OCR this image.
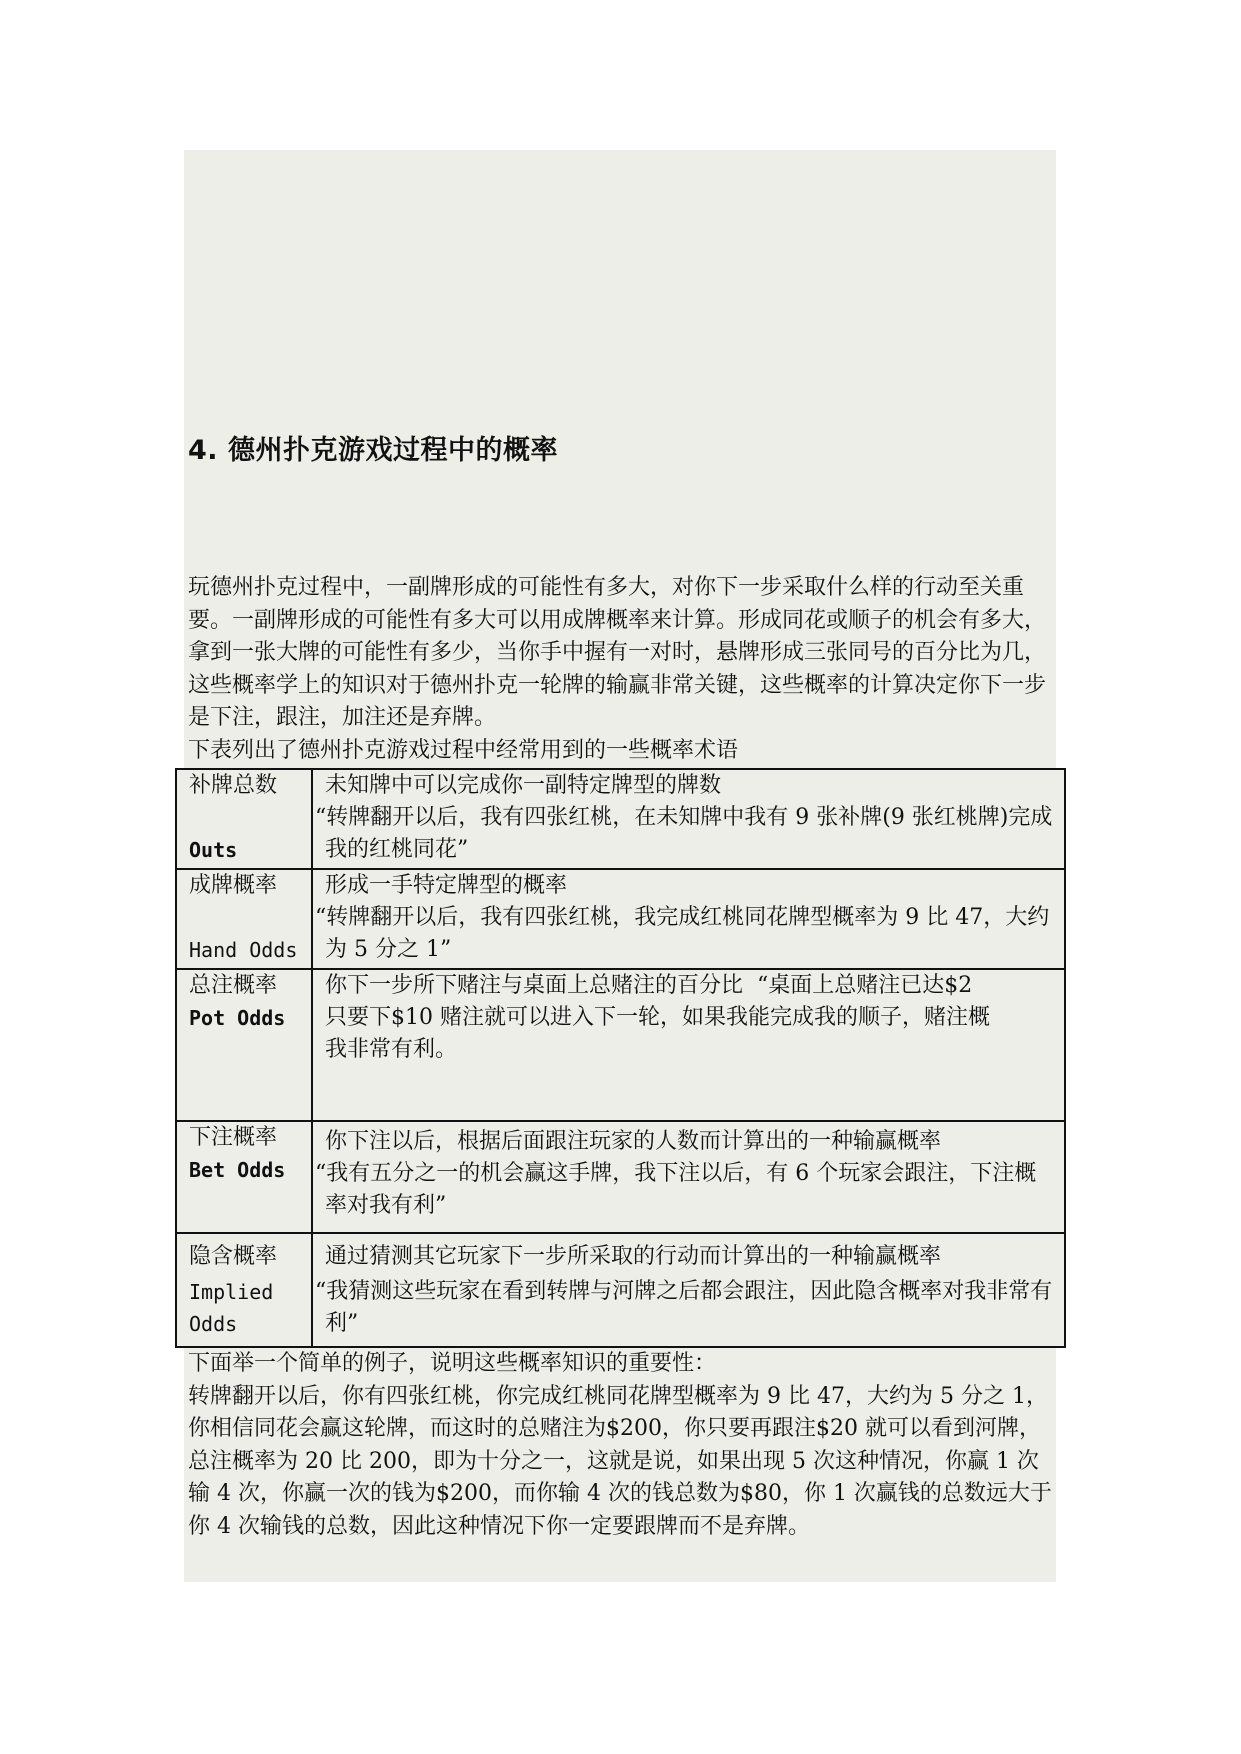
4. 德州扑克游戏过程中的概率

玩德州扑克过程中，一副牌形成的可能性有多大，对你下一步采取什么样的行动至关重要。一副牌形成的可能性有多大可以用成牌概率来计算。形成同花或顺子的机会有多大，拿到一张大牌的可能性有多少，当你手中握有一对时，悬牌形成三张同号的百分比为几，这些概率学上的知识对于德州扑克一轮牌的输赢非常关键，这些概率的计算决定你下一步是下注，跟注，加注还是弃牌。

下表列出了德州扑克游戏过程中经常用到的一些概率术语

补牌总数

Outs	未知牌中可以完成你一副特定牌型的牌数
“转牌翻开以后，我有四张红桃，在未知牌中我有 9 张补牌(9 张红桃牌)完成我的红桃同花”

成牌概率

Hand Odds	形成一手特定牌型的概率
“转牌翻开以后，我有四张红桃，我完成红桃同花牌型概率为 9 比 47，大约为 5 分之 1”

总注概率
Pot Odds	你下一步所下赌注与桌面上总赌注的百分比 “桌面上总赌注已达$2
只要下$10 赌注就可以进入下一轮，如果我能完成我的顺子，赌注概
我非常有利。

下注概率
Bet Odds	你下注以后，根据后面跟注玩家的人数而计算出的一种输赢概率
“我有五分之一的机会赢这手牌，我下注以后，有 6 个玩家会跟注，下注概率对我有利”

隐含概率
Implied Odds	通过猜测其它玩家下一步所采取的行动而计算出的一种输赢概率
“我猜测这些玩家在看到转牌与河牌之后都会跟注，因此隐含概率对我非常有利”

下面举一个简单的例子，说明这些概率知识的重要性：

转牌翻开以后，你有四张红桃，你完成红桃同花牌型概率为 9 比 47，大约为 5 分之 1，你相信同花会赢这轮牌，而这时的总赌注为$200，你只要再跟注$20 就可以看到河牌，总注概率为 20 比 200，即为十分之一，这就是说，如果出现 5 次这种情况，你赢 1 次输 4 次，你赢一次的钱为$200，而你输 4 次的钱总数为$80，你 1 次赢钱的总数远大于你 4 次输钱的总数，因此这种情况下你一定要跟牌而不是弃牌。
